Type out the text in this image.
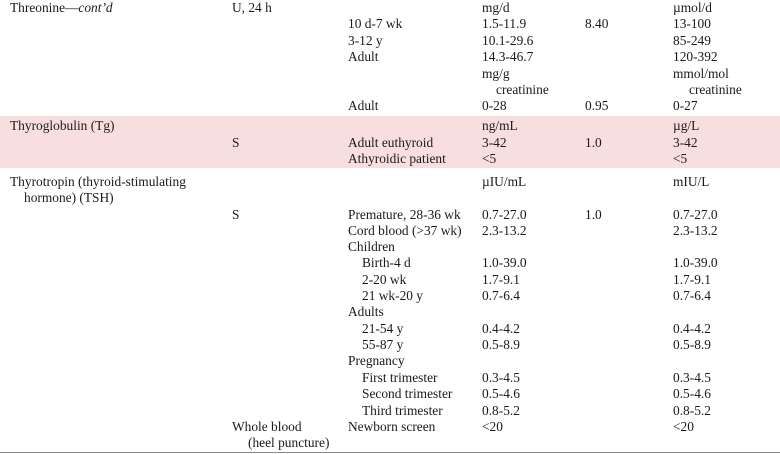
Threonine—cont’d	U, 24 h	mg/d	µmol/d
10 d-7 wk	1.5-11.9	8.40	13-100
3-12 y	10.1-29.6	85-249
Adult	14.3-46.7	120-392
mg/g	mmol/mol
creatinine	creatinine
Adult	0-28	0.95	0-27
Thyroglobulin (Tg)	ng/mL	µg/L
S	Adult euthyroid	3-42	1.0	3-42
Athyroidic patient	<5	<5
Thyrotropin (thyroid-stimulating	µIU/mL	mIU/L
hormone) (TSH)
S	Premature, 28-36 wk 0.7-27.0	1.0	0.7-27.0
Cord blood (>37 wk) 2.3-13.2	2.3-13.2
Children
Birth-4 d	1.0-39.0	1.0-39.0
2-20 wk	1.7-9.1	1.7-9.1
21 wk-20 y	0.7-6.4	0.7-6.4
Adults
21-54 y	0.4-4.2	0.4-4.2
55-87 y	0.5-8.9	0.5-8.9
Pregnancy
First trimester	0.3-4.5	0.3-4.5
Second trimester 0.5-4.6	0.5-4.6
Third trimester	0.8-5.2	0.8-5.2
Whole blood	Newborn screen	<20	<20
(heel puncture)
